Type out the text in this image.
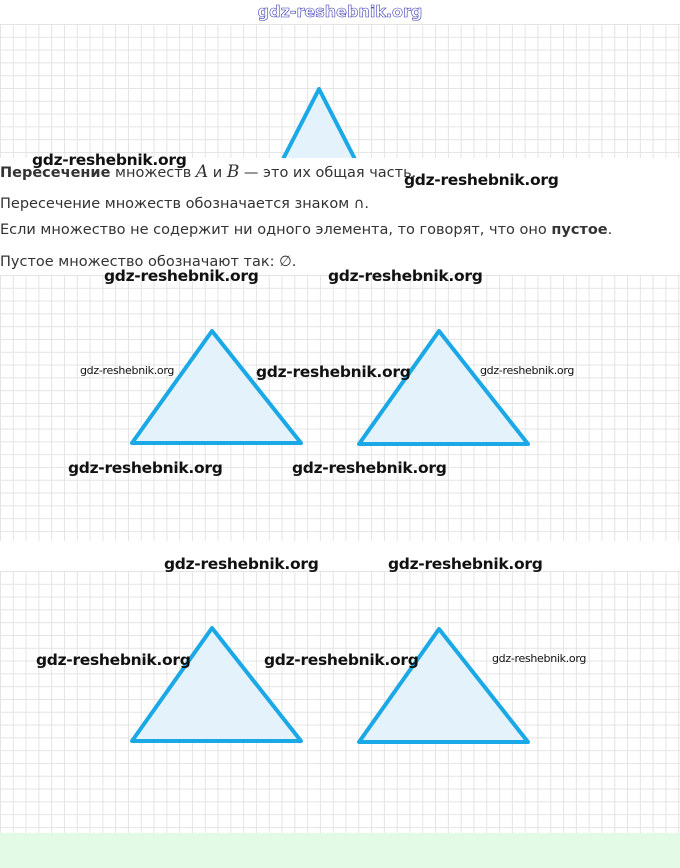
Пересечение множеств A и B — это их общая часть.
Пересечение множеств обозначается знаком ∩.
Если множество не содержит ни одного элемента, то говорят, что оно пустое.
Пустое множество обозначают так: ∅.
gdz-reshebnik.org
gdz-reshebnik.org
gdz-reshebnik.org
gdz-reshebnik.org	gdz-reshebnik.org
gdz-reshebnik.org	gdz-reshebnik.org	gdz-reshebnik.org
gdz-reshebnik.org	gdz-reshebnik.org
gdz-reshebnik.org	gdz-reshebnik.org
gdz-reshebnik.org	gdz-reshebnik.org	gdz-reshebnik.org
